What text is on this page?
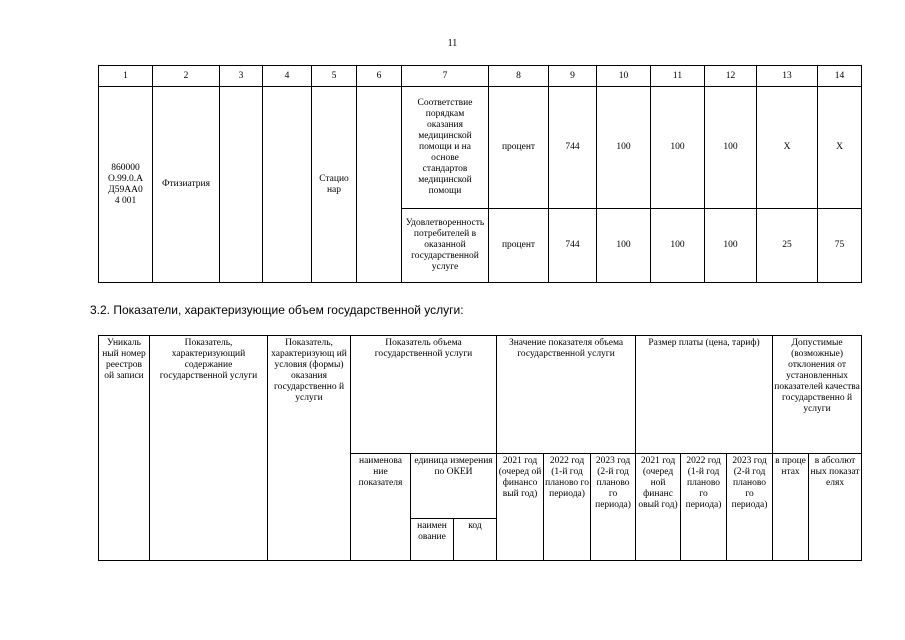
11
1	2	3	4	5	6	7	8	9	10	11	12	13	14
860000 О.99.0.А Д59АА04 001	Фтизиатрия			Стацио нар		Соответствие порядкам оказания медицинской помощи и на основе стандартов медицинской помощи	процент	744	100	100	100	Х	Х
						Удовлетворенность потребителей в оказанной государственной услуге	процент	744	100	100	100	25	75
3.2. Показатели, характеризующие объем государственной услуги:
Уникаль ный номер реестров ой записи	Показатель, характеризующий содержание государственной услуги	Показатель, характеризующ ий условия (формы) оказания государственно й услуги	Показатель объема государственной услуги			Значение показателя объема государственной услуги			Размер платы (цена, тариф)			Допустимые (возможные) отклонения от установленных показателей качества государственно й услуги	
			наименова ние показателя	единица измерения по ОКЕИ		2021 год (очеред ой финансо вый год)	2022 год (1-й год планово го периода)	2023 год (2-й год планово го периода)	2021 год (очеред ной финанс овый год)	2022 год (1-й год планово го периода)	2023 год (2-й год планово го периода)	в проце нтах	в абсолют ных показат елях
				наимен ование	код								
